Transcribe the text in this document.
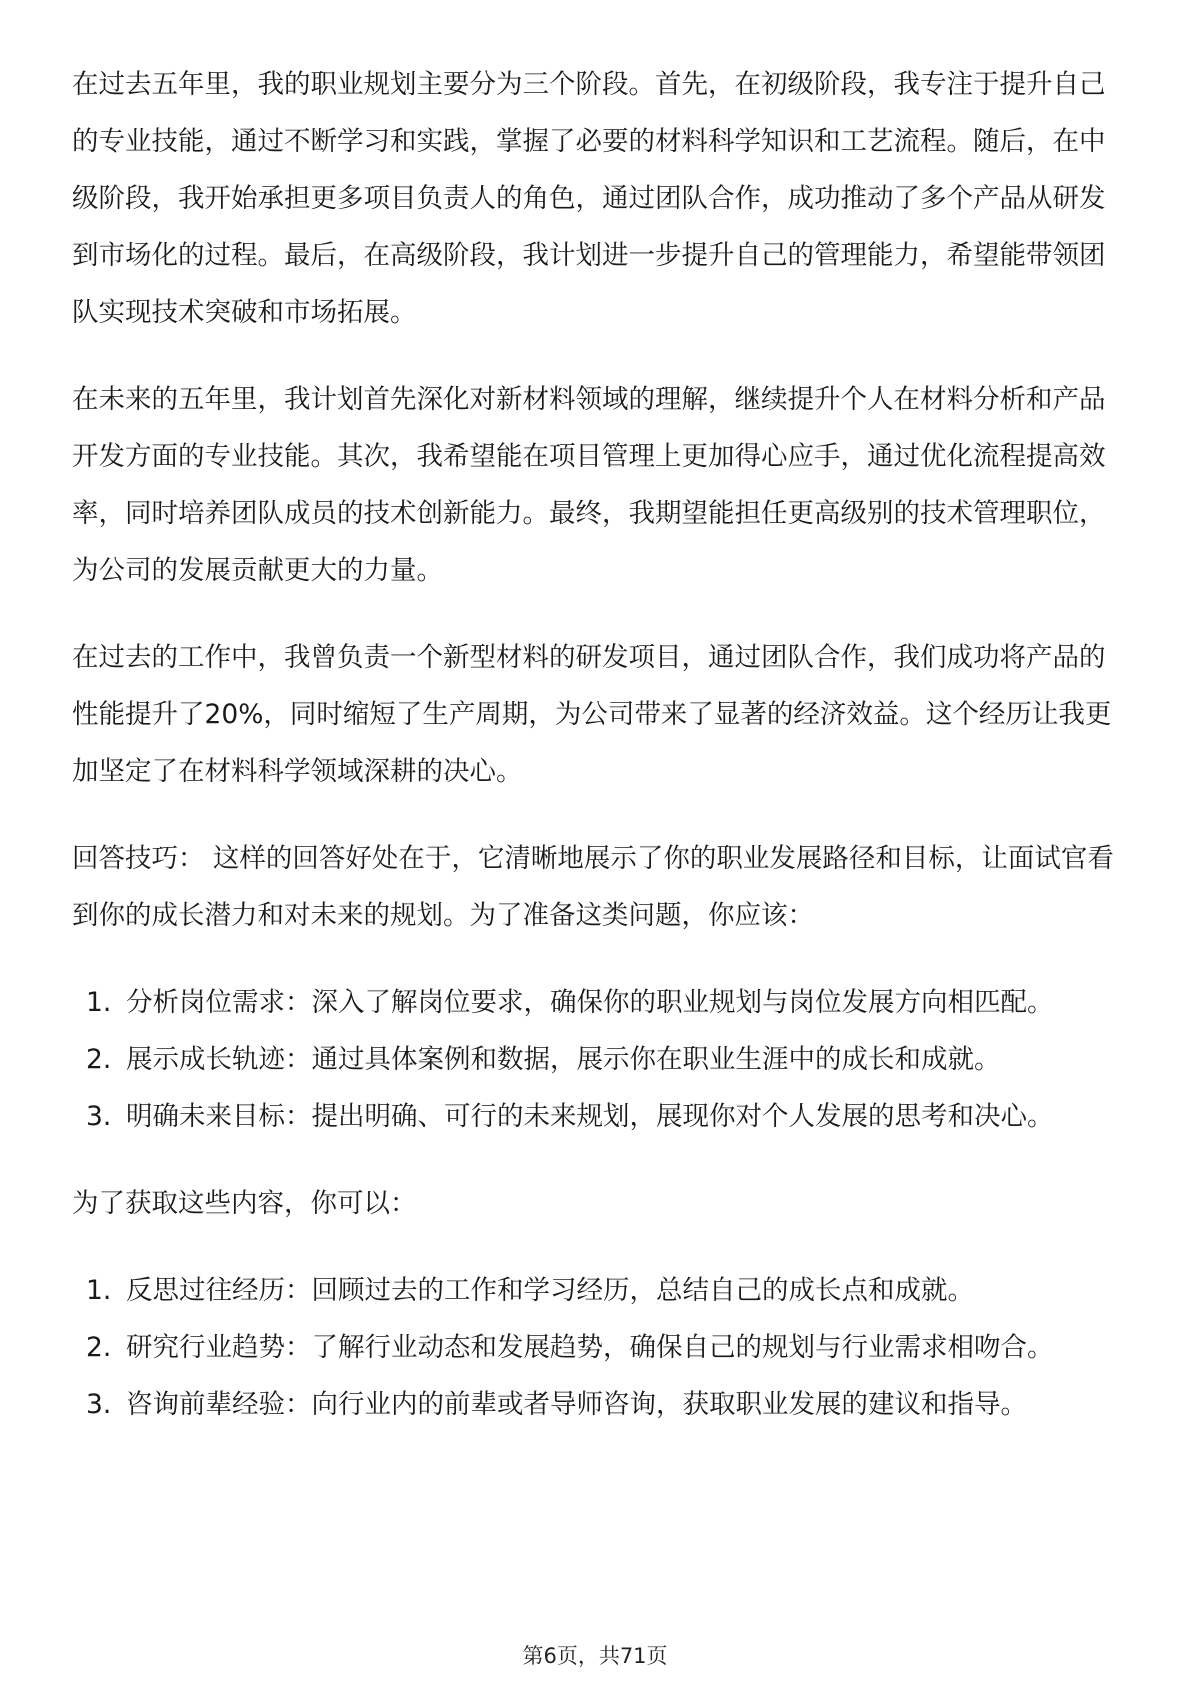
在过去五年里，我的职业规划主要分为三个阶段。首先，在初级阶段，我专注于提升自己的专业技能，通过不断学习和实践，掌握了必要的材料科学知识和工艺流程。随后，在中级阶段，我开始承担更多项目负责人的角色，通过团队合作，成功推动了多个产品从研发到市场化的过程。最后，在高级阶段，我计划进一步提升自己的管理能力，希望能带领团队实现技术突破和市场拓展。

在未来的五年里，我计划首先深化对新材料领域的理解，继续提升个人在材料分析和产品开发方面的专业技能。其次，我希望能在项目管理上更加得心应手，通过优化流程提高效率，同时培养团队成员的技术创新能力。最终，我期望能担任更高级别的技术管理职位，为公司的发展贡献更大的力量。

在过去的工作中，我曾负责一个新型材料的研发项目，通过团队合作，我们成功将产品的性能提升了20%，同时缩短了生产周期，为公司带来了显著的经济效益。这个经历让我更加坚定了在材料科学领域深耕的决心。

回答技巧： 这样的回答好处在于，它清晰地展示了你的职业发展路径和目标，让面试官看到你的成长潜力和对未来的规划。为了准备这类问题，你应该：

1. 分析岗位需求：深入了解岗位要求，确保你的职业规划与岗位发展方向相匹配。
2. 展示成长轨迹：通过具体案例和数据，展示你在职业生涯中的成长和成就。
3. 明确未来目标：提出明确、可行的未来规划，展现你对个人发展的思考和决心。

为了获取这些内容，你可以：

1. 反思过往经历：回顾过去的工作和学习经历，总结自己的成长点和成就。
2. 研究行业趋势：了解行业动态和发展趋势，确保自己的规划与行业需求相吻合。
3. 咨询前辈经验：向行业内的前辈或者导师咨询，获取职业发展的建议和指导。
第6页，共71页
